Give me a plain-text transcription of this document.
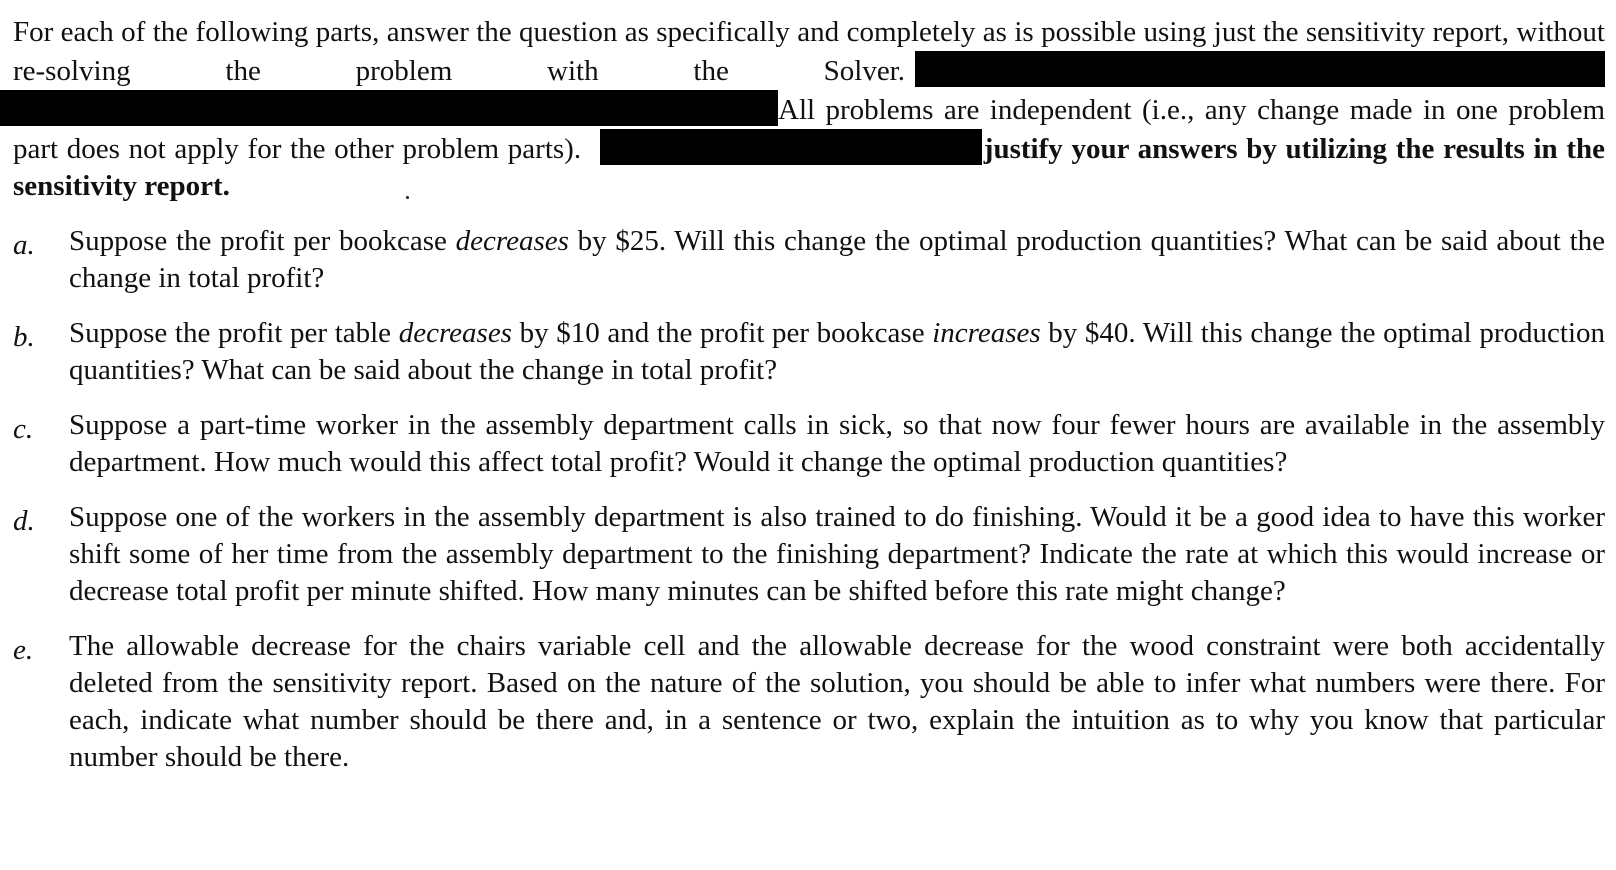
For each of the following parts, answer the question as specifically and completely as is possible using just the sensitivity report, without re-solving the problem with the Solver. All problems are independent (i.e., any change made in one problem part does not apply for the other problem parts).	justify your answers by utilizing the results in the sensitivity report.
a.	Suppose the profit per bookcase decreases by $25. Will this change the optimal production quantities? What can be said about the change in total profit?
b.	Suppose the profit per table decreases by $10 and the profit per bookcase increases by $40. Will this change the optimal production quantities? What can be said about the change in total profit?
c.	Suppose a part-time worker in the assembly department calls in sick, so that now four fewer hours are available in the assembly department. How much would this affect total profit? Would it change the optimal production quantities?
d.	Suppose one of the workers in the assembly department is also trained to do finishing. Would it be a good idea to have this worker shift some of her time from the assembly department to the finishing department? Indicate the rate at which this would increase or decrease total profit per minute shifted. How many minutes can be shifted before this rate might change?
e.	The allowable decrease for the chairs variable cell and the allowable decrease for the wood constraint were both accidentally deleted from the sensitivity report. Based on the nature of the solution, you should be able to infer what numbers were there. For each, indicate what number should be there and, in a sentence or two, explain the intuition as to why you know that particular number should be there.
